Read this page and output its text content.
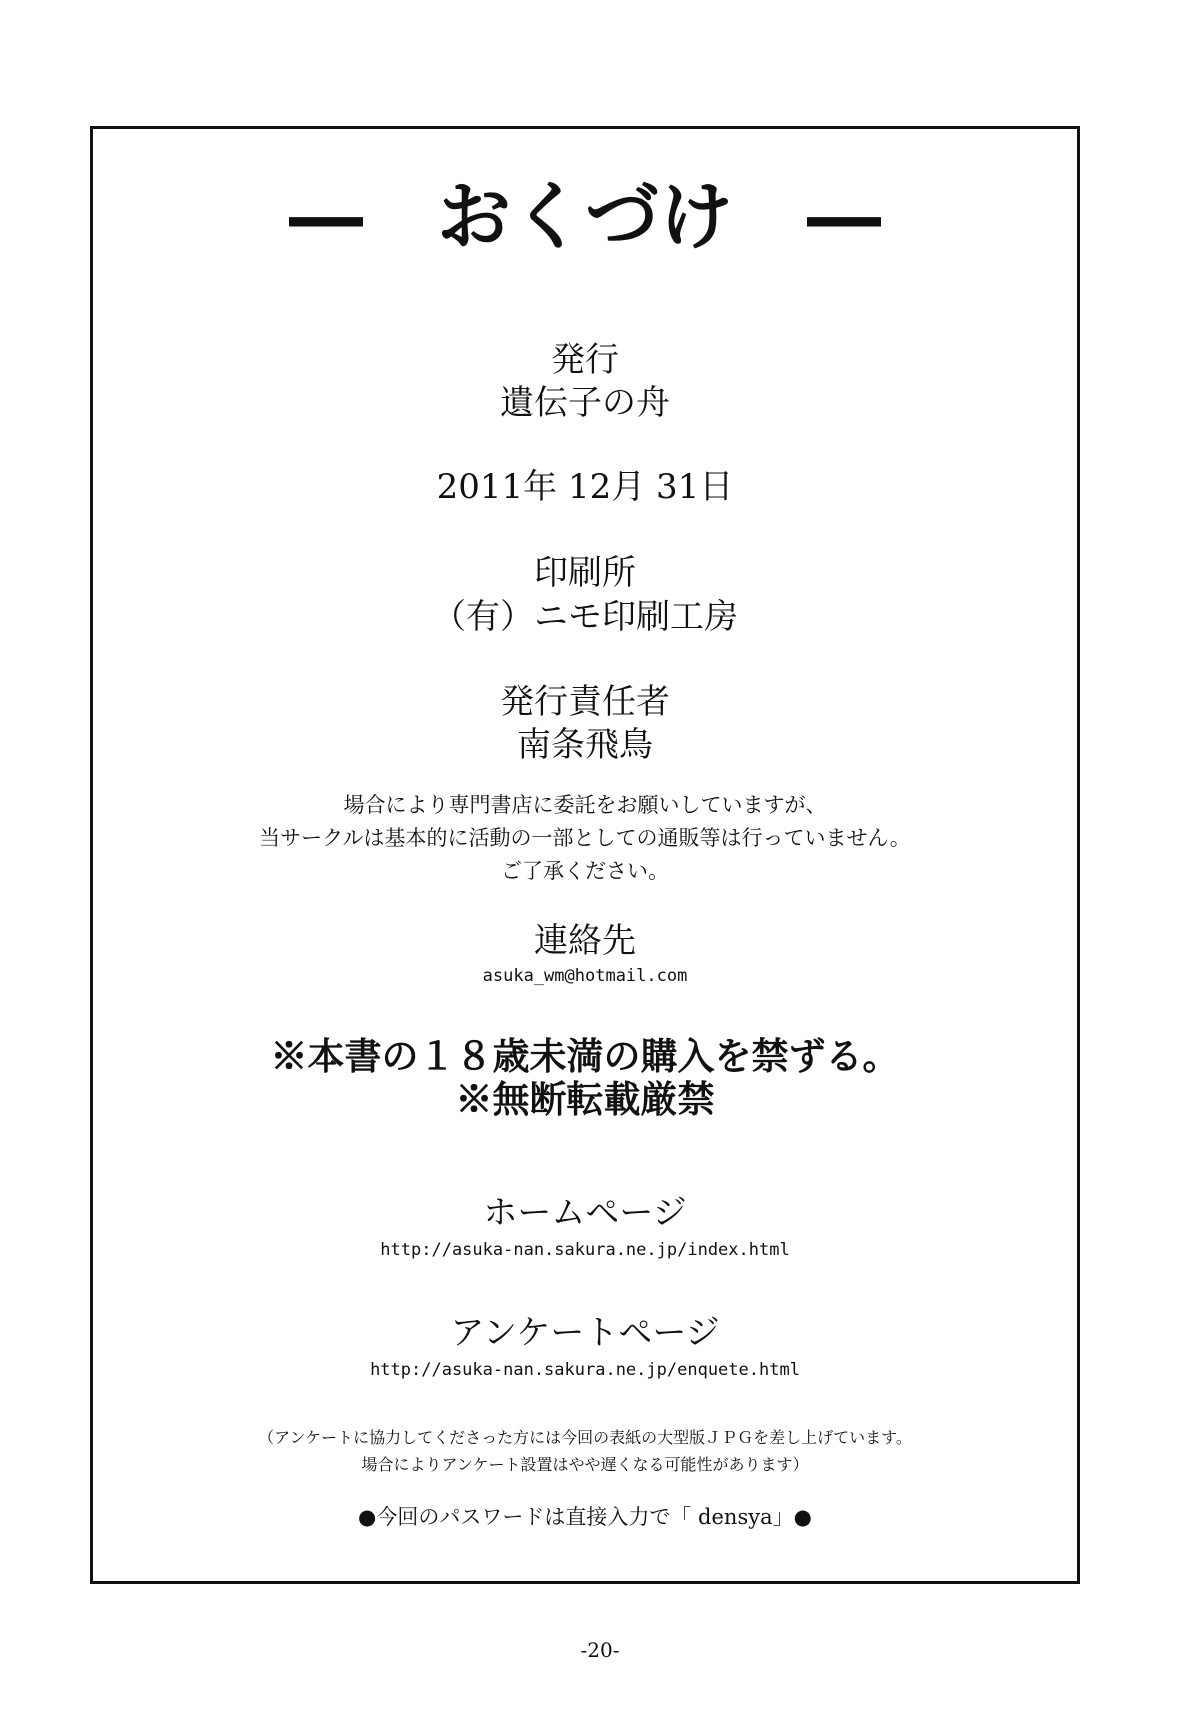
―　おくづけ　―
発行
遺伝子の舟
2011年 12月 31日
印刷所
（有）ニモ印刷工房
発行責任者
南条飛鳥
場合により専門書店に委託をお願いしていますが、
当サークルは基本的に活動の一部としての通販等は行っていません。
ご了承ください。
連絡先
asuka_wm@hotmail.com
※本書の１８歳未満の購入を禁ずる。
※無断転載厳禁
ホームページ
http://asuka-nan.sakura.ne.jp/index.html
アンケートページ
http://asuka-nan.sakura.ne.jp/enquete.html
（アンケートに協力してくださった方には今回の表紙の大型版ＪＰＧを差し上げています。
場合によりアンケート設置はやや遅くなる可能性があります）
●今回のパスワードは直接入力で「 densya」●
-20-
